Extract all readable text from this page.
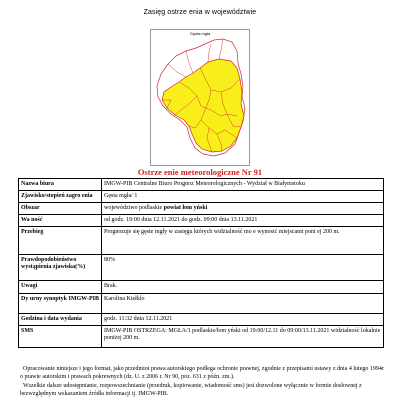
Zasięg ostrze enia w województwie
Gęsta mgła
Ostrze enie meteorologiczne Nr 91
Nazwa biura	IMGW-PIB Centralne Biuro Prognoz Meteorologicznych - Wydział w Białymstoku
Zjawisko/stopień zagro enia	Gęsta mgła/ 1
Obszar	województwo podlaskie powiat łom yński
Wa ność	od godz. 19:00 dnia 12.11.2021 do godz. 09:00 dnia 13.11.2021
Przebieg	Prognozuje się gęste mgły w zasięgu których widzialność mo e wynosić miejscami poni ej 200 m.
Prawdopodobieństwo wystąpienia zjawiska(%)	80%
Uwagi	Brak.
Dy urny synoptyk IMGW-PIB	Karolina Kiełklo
Godzina i data wydania	godz. 11:32 dnia 12.11.2021
SMS	IMGW-PIB OSTRZEGA: MGŁA/1 podlaskie/łom yński od 19:00/12.11 do 09:00/13.11.2021 widzialność lokalnie poniżej 200 m.

Opracowanie niniejsze i jego format, jako przedmiot prawa autorskiego podlega ochronie prawnej, zgodnie z przepisami ustawy z dnia 4 lutego 1994r o prawie autorskim i prawach pokrewnych (dz. U. z 2006 r. Nr 90, poz. 631 z późn. zm.).

Wszelkie dalsze udostępnianie, rozpowszechnianie (przedruk, kopiowanie, wiadomość sms) jest dozwolone wyłącznie w formie dosłownej z bezwzględnym wskazaniem źródła informacji tj. IMGW-PIB.
